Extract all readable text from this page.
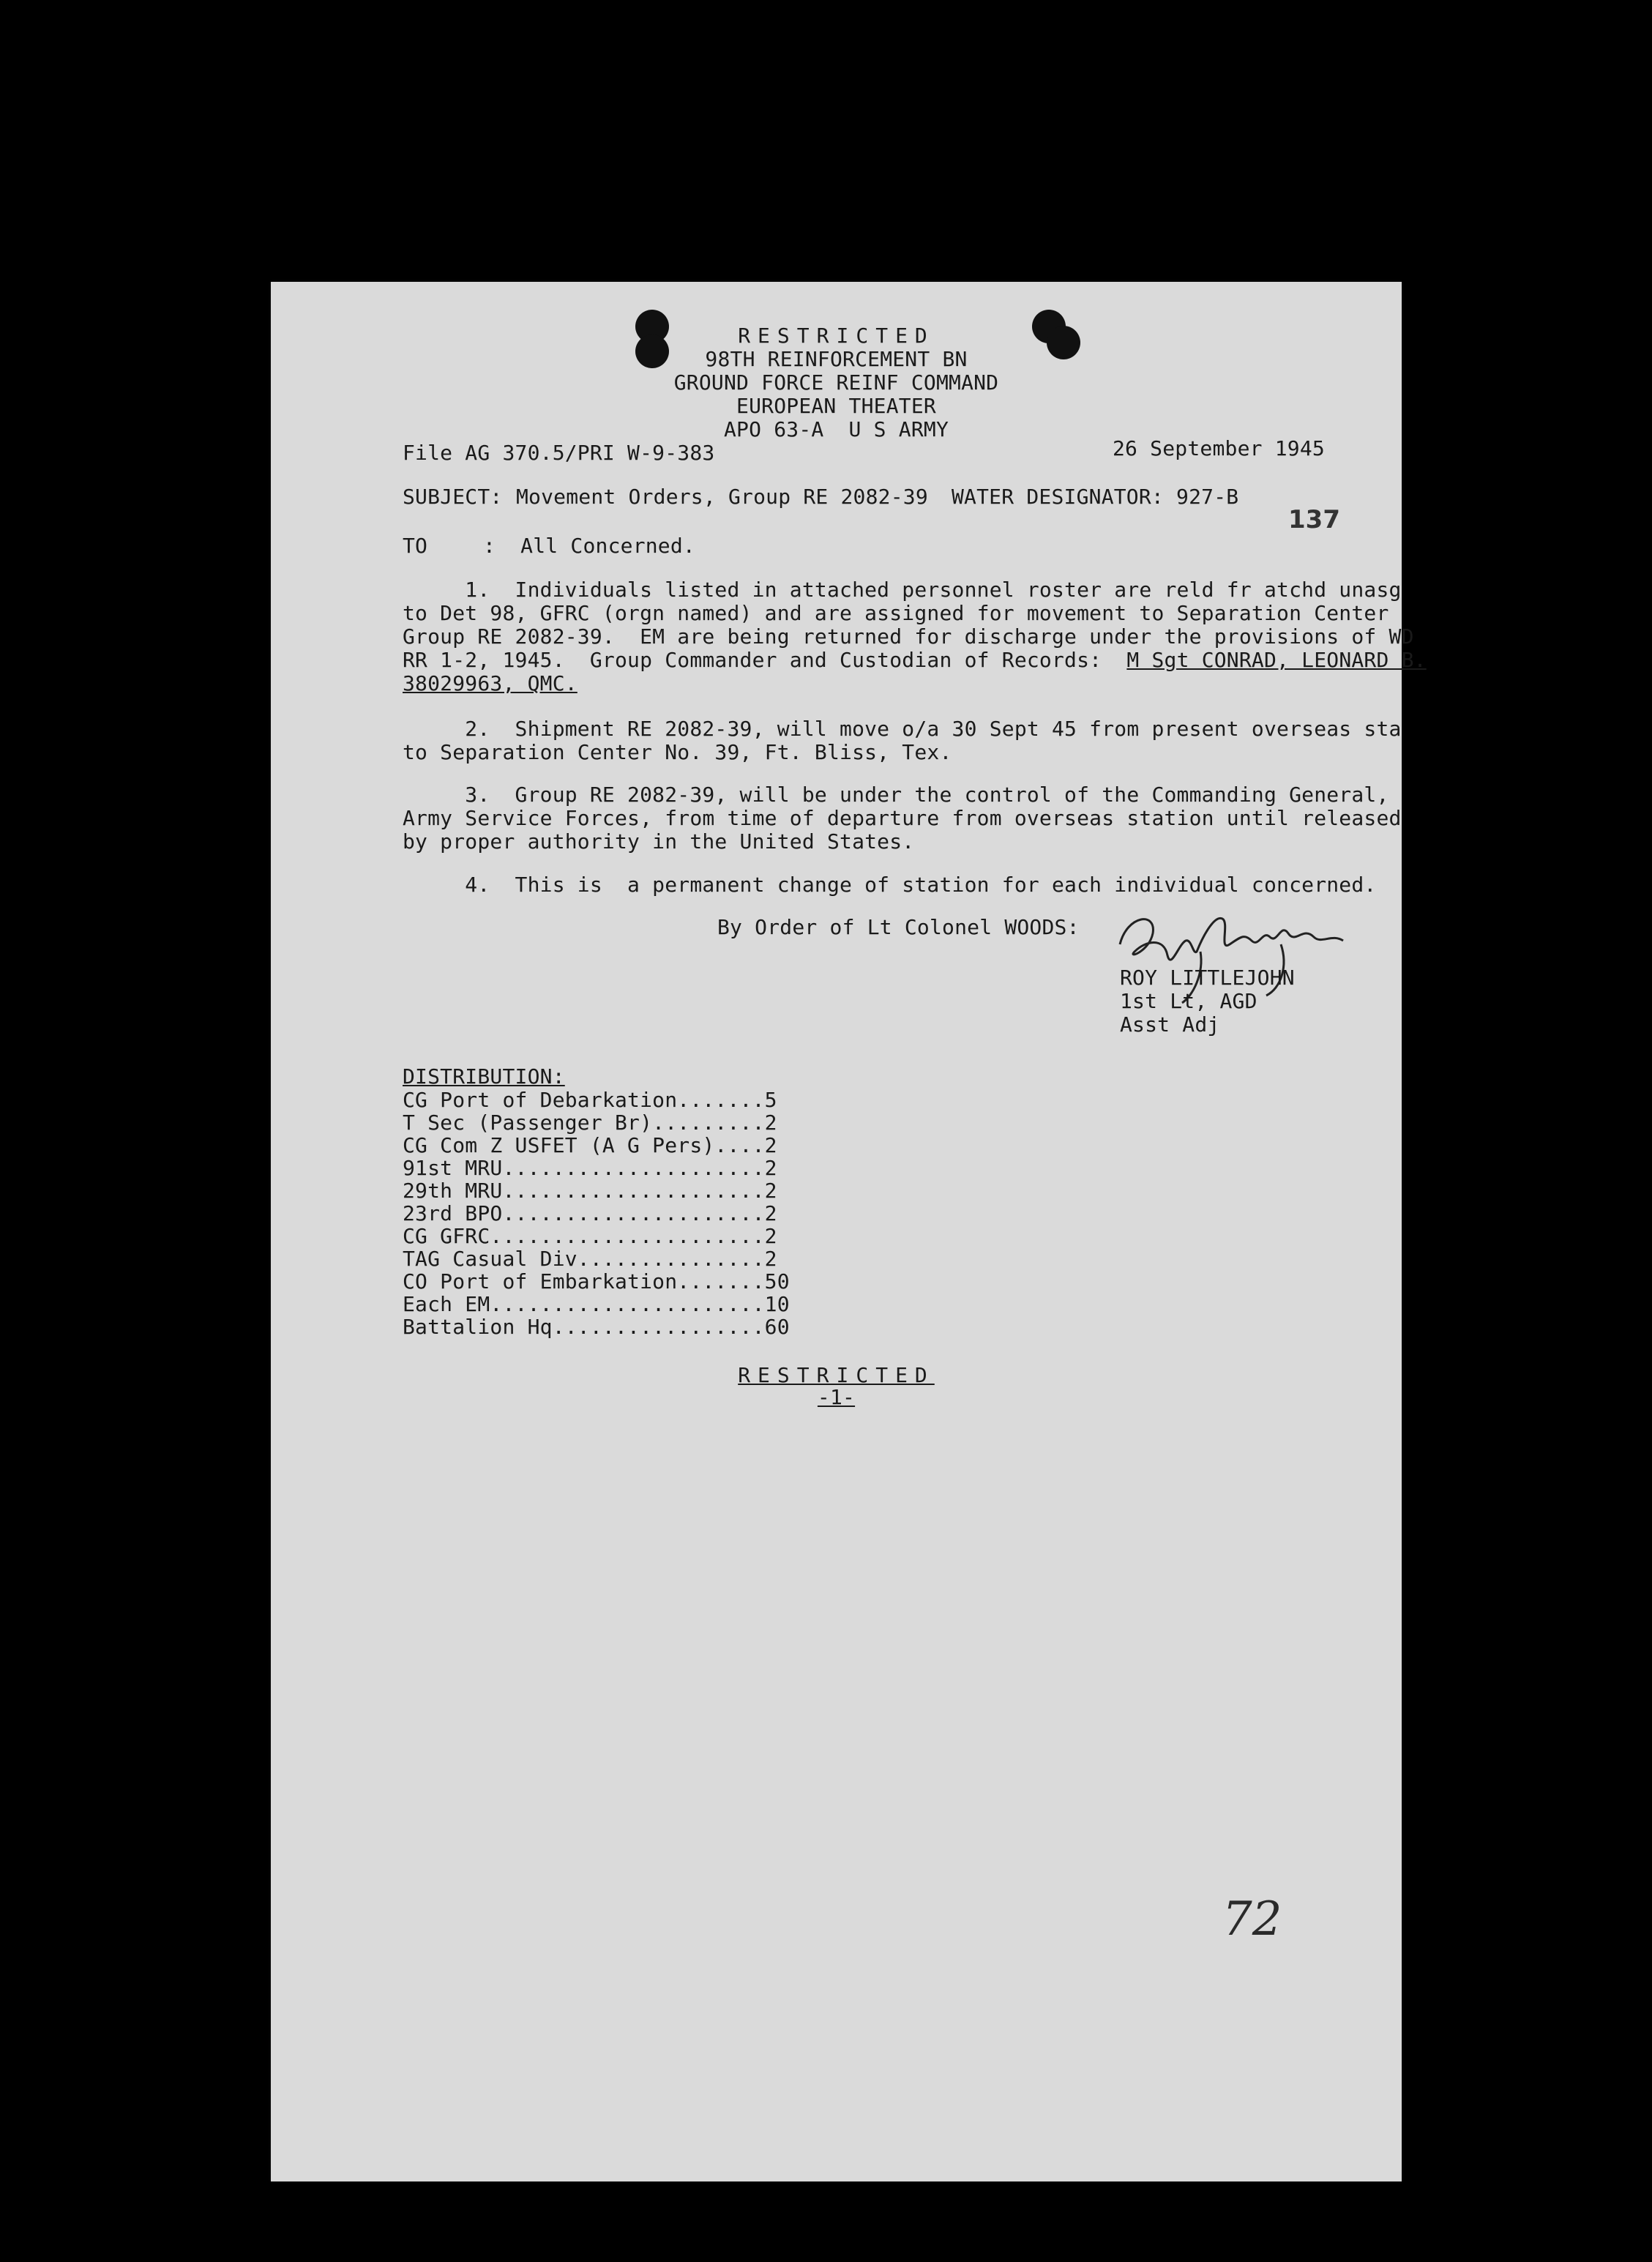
RESTRICTED
98TH REINFORCEMENT BN
GROUND FORCE REINF COMMAND
EUROPEAN THEATER
APO 63-A  U S ARMY
File AG 370.5/PRI W-9-383	26 September 1945
SUBJECT: Movement Orders, Group RE 2082-39 WATER DESIGNATOR: 927-B
137
TO	:  All Concerned.
1.  Individuals listed in attached personnel roster are reld fr atchd unasg
to Det 98, GFRC (orgn named) and are assigned for movement to Separation Center
Group RE 2082-39.  EM are being returned for discharge under the provisions of WD
RR 1-2, 1945.  Group Commander and Custodian of Records:  M Sgt CONRAD, LEONARD B.
38029963, QMC.
2.  Shipment RE 2082-39, will move o/a 30 Sept 45 from present overseas sta
to Separation Center No. 39, Ft. Bliss, Tex.
3.  Group RE 2082-39, will be under the control of the Commanding General,
Army Service Forces, from time of departure from overseas station until released
by proper authority in the United States.
4.  This is  a permanent change of station for each individual concerned.
By Order of Lt Colonel WOODS:
ROY LITTLEJOHN
1st Lt, AGD
Asst Adj
DISTRIBUTION:
CG Port of Debarkation.......5
T Sec (Passenger Br).........2
CG Com Z USFET (A G Pers)....2
91st MRU.....................2
29th MRU.....................2
23rd BPO.....................2
CG GFRC......................2
TAG Casual Div...............2
CO Port of Embarkation.......50
Each EM......................10
Battalion Hq.................60
RESTRICTED
-1-
72
